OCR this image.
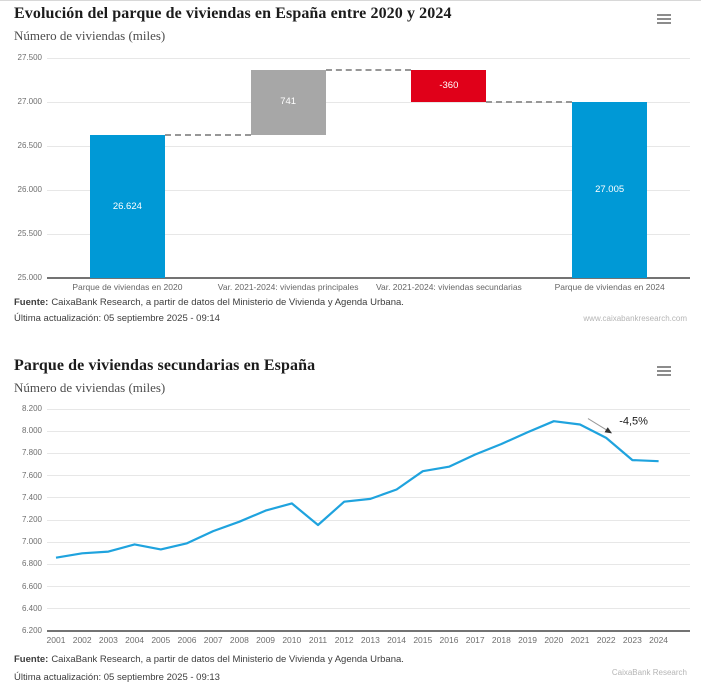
Evolución del parque de viviendas en España entre 2020 y 2024
Número de viviendas (miles)
25.000
25.500
26.000
26.500
27.000
27.500
26.624
Parque de viviendas en 2020
741
Var. 2021-2024: viviendas principales
-360
Var. 2021-2024: viviendas secundarias
27.005
Parque de viviendas en 2024
Fuente: CaixaBank Research, a partir de datos del Ministerio de Vivienda y Agenda Urbana.
Última actualización: 05 septiembre 2025 - 09:14	www.caixabankresearch.com
Parque de viviendas secundarias en España
Número de viviendas (miles)
6.200
6.400
6.600
6.800
7.000
7.200
7.400
7.600
7.800
8.000
8.200
2001 2002 2003 2004 2005 2006 2007 2008 2009 2010 2011 2012 2013 2014 2015 2016 2017 2018 2019 2020 2021 2022 2023 2024
-4,5%
Fuente: CaixaBank Research, a partir de datos del Ministerio de Vivienda y Agenda Urbana.
Última actualización: 05 septiembre 2025 - 09:13	CaixaBank Research
